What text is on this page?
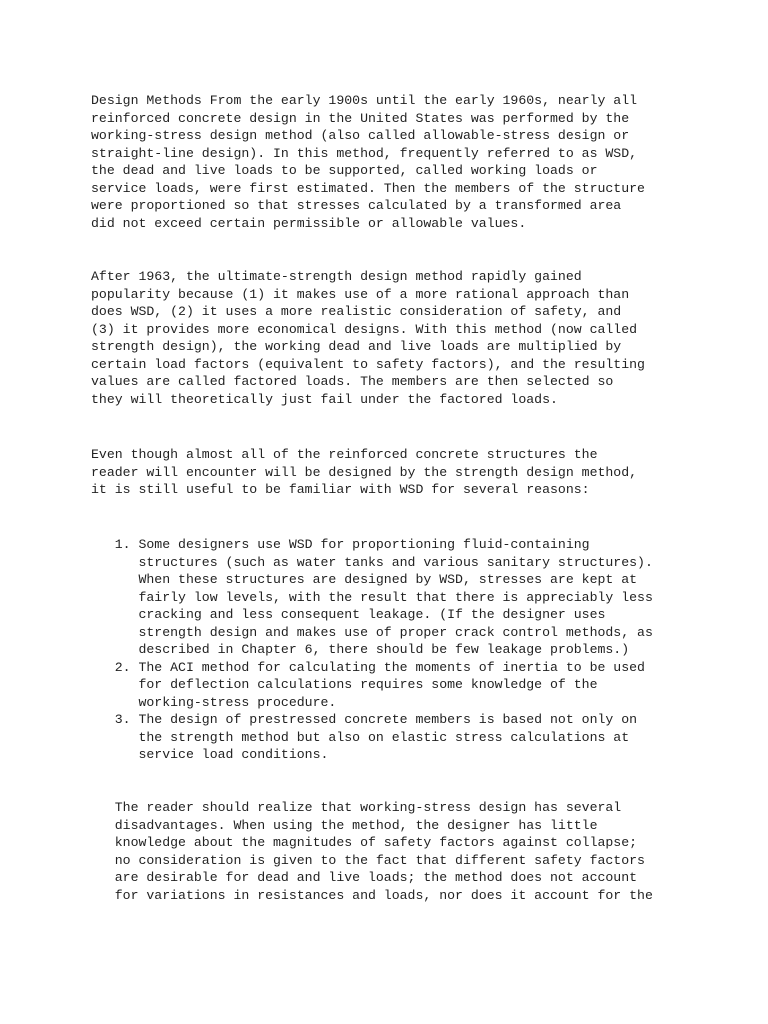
Design Methods From the early 1900s until the early 1960s, nearly all

reinforced concrete design in the United States was performed by the

working-stress design method (also called allowable-stress design or

straight-line design). In this method, frequently referred to as WSD,

the dead and live loads to be supported, called working loads or

service loads, were first estimated. Then the members of the structure

were proportioned so that stresses calculated by a transformed area

did not exceed certain permissible or allowable values.

After 1963, the ultimate-strength design method rapidly gained

popularity because (1) it makes use of a more rational approach than

does WSD, (2) it uses a more realistic consideration of safety, and

(3) it provides more economical designs. With this method (now called

strength design), the working dead and live loads are multiplied by

certain load factors (equivalent to safety factors), and the resulting

values are called factored loads. The members are then selected so

they will theoretically just fail under the factored loads.

Even though almost all of the reinforced concrete structures the

reader will encounter will be designed by the strength design method,

it is still useful to be familiar with WSD for several reasons:

1. Some designers use WSD for proportioning fluid-containing

structures (such as water tanks and various sanitary structures).

When these structures are designed by WSD, stresses are kept at

fairly low levels, with the result that there is appreciably less

cracking and less consequent leakage. (If the designer uses

strength design and makes use of proper crack control methods, as

described in Chapter 6, there should be few leakage problems.)

2. The ACI method for calculating the moments of inertia to be used

for deflection calculations requires some knowledge of the

working-stress procedure.

3. The design of prestressed concrete members is based not only on

the strength method but also on elastic stress calculations at

service load conditions.

The reader should realize that working-stress design has several

disadvantages. When using the method, the designer has little

knowledge about the magnitudes of safety factors against collapse;

no consideration is given to the fact that different safety factors

are desirable for dead and live loads; the method does not account

for variations in resistances and loads, nor does it account for the
